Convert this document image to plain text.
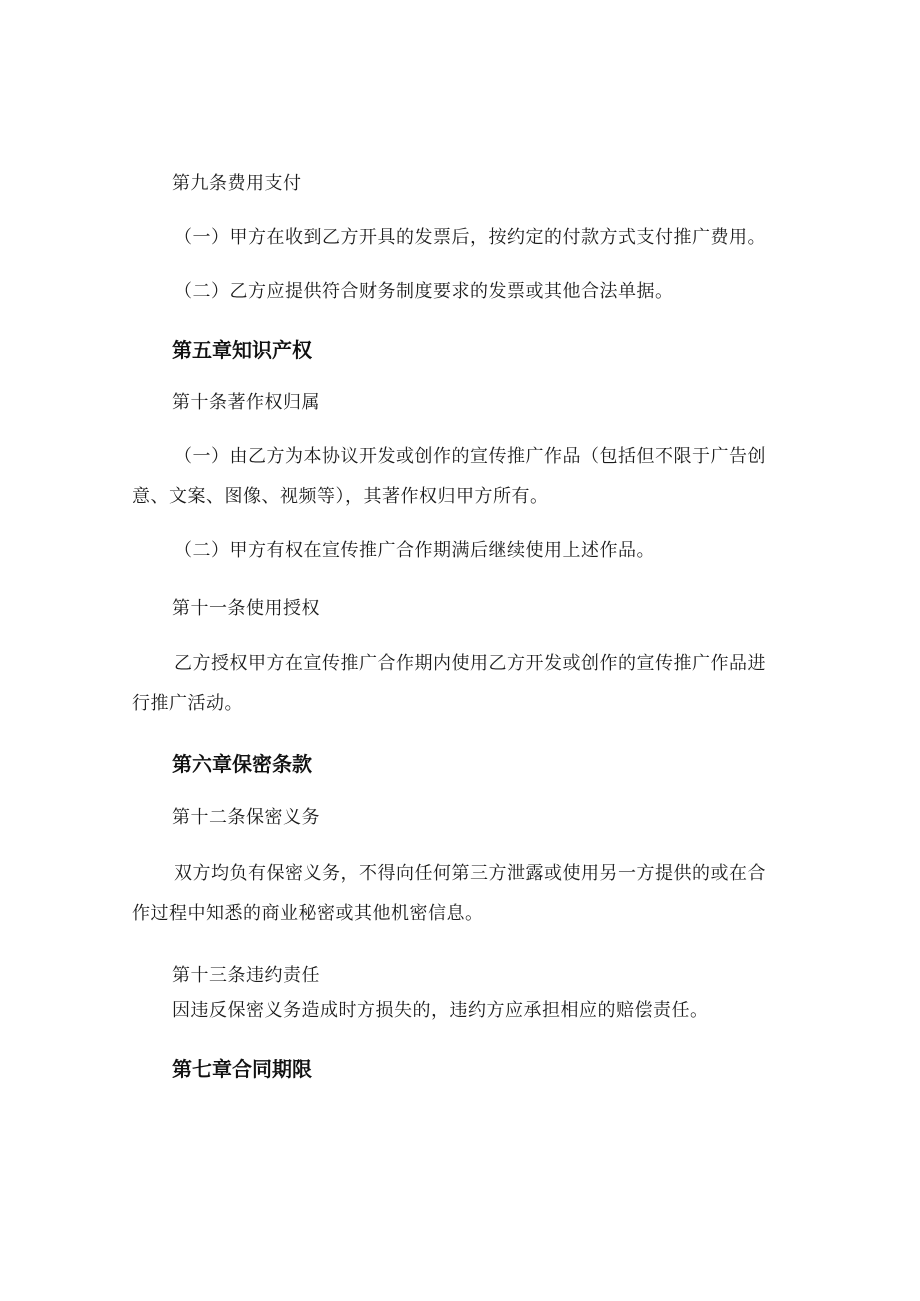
第九条费用支付
（一）甲方在收到乙方开具的发票后，按约定的付款方式支付推广费用。
（二）乙方应提供符合财务制度要求的发票或其他合法单据。
第五章知识产权
第十条著作权归属
（一）由乙方为本协议开发或创作的宣传推广作品（包括但不限于广告创
意、文案、图像、视频等），其著作权归甲方所有。
（二）甲方有权在宣传推广合作期满后继续使用上述作品。
第十一条使用授权
乙方授权甲方在宣传推广合作期内使用乙方开发或创作的宣传推广作品进
行推广活动。
第六章保密条款
第十二条保密义务
双方均负有保密义务，不得向任何第三方泄露或使用另一方提供的或在合
作过程中知悉的商业秘密或其他机密信息。
第十三条违约责任
因违反保密义务造成时方损失的，违约方应承担相应的赔偿责任。
第七章合同期限
